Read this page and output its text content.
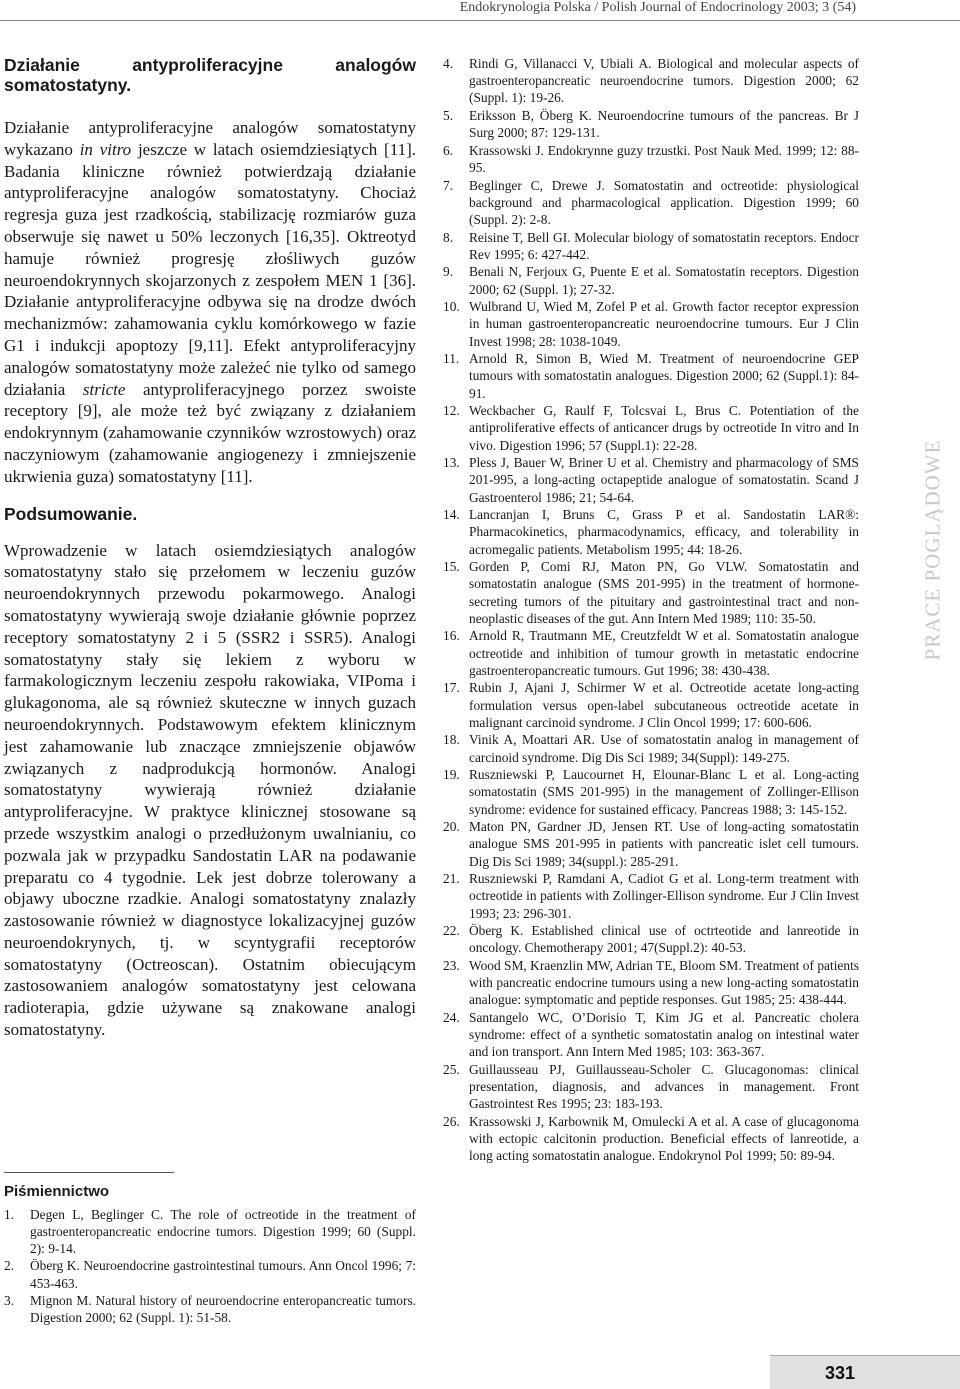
Endokrynologia Polska / Polish Journal of Endocrinology 2003; 3 (54)
Działanie antyproliferacyjne analogów
somatostatyny.

Działanie antyproliferacyjne analogów somatostatyny wykazano in vitro jeszcze w latach osiemdziesiątych [11]. Badania kliniczne również potwierdzają działanie antyproliferacyjne analogów somatostatyny. Chociaż regresja guza jest rzadkością, stabilizację rozmiarów guza obserwuje się nawet u 50% leczonych [16,35]. Oktreotyd hamuje również progresję złośliwych guzów neuroendokrynnych skojarzonych z zespołem MEN 1 [36]. Działanie antyproliferacyjne odbywa się na drodze dwóch mechanizmów: zahamowania cyklu komórkowego w fazie G1 i indukcji apoptozy [9,11]. Efekt antyproliferacyjny analogów somatostatyny może zależeć nie tylko od samego działania stricte antyproliferacyjnego porzez swoiste receptory [9], ale może też być związany z działaniem endokrynnym (zahamowanie czynników wzrostowych) oraz naczyniowym (zahamowanie angiogenezy i zmniejszenie ukrwienia guza) somatostatyny [11].

Podsumowanie.

Wprowadzenie w latach osiemdziesiątych analogów somatostatyny stało się przełomem w leczeniu guzów neuroendokrynnych przewodu pokarmowego. Analogi somatostatyny wywierają swoje działanie głównie poprzez receptory somatostatyny 2 i 5 (SSR2 i SSR5). Analogi somatostatyny stały się lekiem z wyboru w farmakologicznym leczeniu zespołu rakowiaka, VIPoma i glukagonoma, ale są również skuteczne w innych guzach neuroendokrynnych. Podstawowym efektem klinicznym jest zahamowanie lub znaczące zmniejszenie objawów związanych z nadprodukcją hormonów. Analogi somatostatyny wywierają również działanie antyproliferacyjne. W praktyce klinicznej stosowane są przede wszystkim analogi o przedłużonym uwalnianiu, co pozwala jak w przypadku Sandostatin LAR na podawanie preparatu co 4 tygodnie. Lek jest dobrze tolerowany a objawy uboczne rzadkie. Analogi somatostatyny znalazły zastosowanie również w diagnostyce lokalizacyjnej guzów neuroendokrynych, tj. w scyntygrafii receptorów somatostatyny (Octreoscan). Ostatnim obiecującym zastosowaniem analogów somatostatyny jest celowana radioterapia, gdzie używane są znakowane analogi somatostatyny.

Piśmiennictwo
1. Degen L, Beglinger C. The role of octreotide in the treatment of gastroenteropancreatic endocrine tumors. Digestion 1999; 60 (Suppl. 2): 9-14.
2. Öberg K. Neuroendocrine gastrointestinal tumours. Ann Oncol 1996; 7: 453-463.
3. Mignon M. Natural history of neuroendocrine enteropancreatic tumors. Digestion 2000; 62 (Suppl. 1): 51-58.
4. Rindi G, Villanacci V, Ubiali A. Biological and molecular aspects of gastroenteropancreatic neuroendocrine tumors. Digestion 2000; 62 (Suppl. 1): 19-26.
5. Eriksson B, Öberg K. Neuroendocrine tumours of the pancreas. Br J Surg 2000; 87: 129-131.
6. Krassowski J. Endokrynne guzy trzustki. Post Nauk Med. 1999; 12: 88-95.
7. Beglinger C, Drewe J. Somatostatin and octreotide: physiological background and pharmacological application. Digestion 1999; 60 (Suppl. 2): 2-8.
8. Reisine T, Bell GI. Molecular biology of somatostatin receptors. Endocr Rev 1995; 6: 427-442.
9. Benali N, Ferjoux G, Puente E et al. Somatostatin receptors. Digestion 2000; 62 (Suppl. 1); 27-32.
10. Wulbrand U, Wied M, Zofel P et al. Growth factor receptor expression in human gastroenteropancreatic neuroendocrine tumours. Eur J Clin Invest 1998; 28: 1038-1049.
11. Arnold R, Simon B, Wied M. Treatment of neuroendocrine GEP tumours with somatostatin analogues. Digestion 2000; 62 (Suppl.1): 84-91.
12. Weckbacher G, Raulf F, Tolcsvai L, Brus C. Potentiation of the antiproliferative effects of anticancer drugs by octreotide In vitro and In vivo. Digestion 1996; 57 (Suppl.1): 22-28.
13. Pless J, Bauer W, Briner U et al. Chemistry and pharmacology of SMS 201-995, a long-acting octapeptide analogue of somatostatin. Scand J Gastroenterol 1986; 21; 54-64.
14. Lancranjan I, Bruns C, Grass P et al. Sandostatin LAR®: Pharmacokinetics, pharmacodynamics, efficacy, and tolerability in acromegalic patients. Metabolism 1995; 44: 18-26.
15. Gorden P, Comi RJ, Maton PN, Go VLW. Somatostatin and somatostatin analogue (SMS 201-995) in the treatment of hormone-secreting tumors of the pituitary and gastrointestinal tract and non-neoplastic diseases of the gut. Ann Intern Med 1989; 110: 35-50.
16. Arnold R, Trautmann ME, Creutzfeldt W et al. Somatostatin analogue octreotide and inhibition of tumour growth in metastatic endocrine gastroenteropancreatic tumours. Gut 1996; 38: 430-438.
17. Rubin J, Ajani J, Schirmer W et al. Octreotide acetate long-acting formulation versus open-label subcutaneous octreotide acetate in malignant carcinoid syndrome. J Clin Oncol 1999; 17: 600-606.
18. Vinik A, Moattari AR. Use of somatostatin analog in management of carcinoid syndrome. Dig Dis Sci 1989; 34(Suppl): 149-275.
19. Ruszniewski P, Laucournet H, Elounar-Blanc L et al. Long-acting somatostatin (SMS 201-995) in the management of Zollinger-Ellison syndrome: evidence for sustained efficacy. Pancreas 1988; 3: 145-152.
20. Maton PN, Gardner JD, Jensen RT. Use of long-acting somatostatin analogue SMS 201-995 in patients with pancreatic islet cell tumours. Dig Dis Sci 1989; 34(suppl.): 285-291.
21. Ruszniewski P, Ramdani A, Cadiot G et al. Long-term treatment with octreotide in patients with Zollinger-Ellison syndrome. Eur J Clin Invest 1993; 23: 296-301.
22. Öberg K. Established clinical use of octrteotide and lanreotide in oncology. Chemotherapy 2001; 47(Suppl.2): 40-53.
23. Wood SM, Kraenzlin MW, Adrian TE, Bloom SM. Treatment of patients with pancreatic endocrine tumours using a new long-acting somatostatin analogue: symptomatic and peptide responses. Gut 1985; 25: 438-444.
24. Santangelo WC, O’Dorisio T, Kim JG et al. Pancreatic cholera syndrome: effect of a synthetic somatostatin analog on intestinal water and ion transport. Ann Intern Med 1985; 103: 363-367.
25. Guillausseau PJ, Guillausseau-Scholer C. Glucagonomas: clinical presentation, diagnosis, and advances in management. Front Gastrointest Res 1995; 23: 183-193.
26. Krassowski J, Karbownik M, Omulecki A et al. A case of glucagonoma with ectopic calcitonin production. Beneficial effects of lanreotide, a long acting somatostatin analogue. Endokrynol Pol 1999; 50: 89-94.
PRACE POGLĄDOWE
331
